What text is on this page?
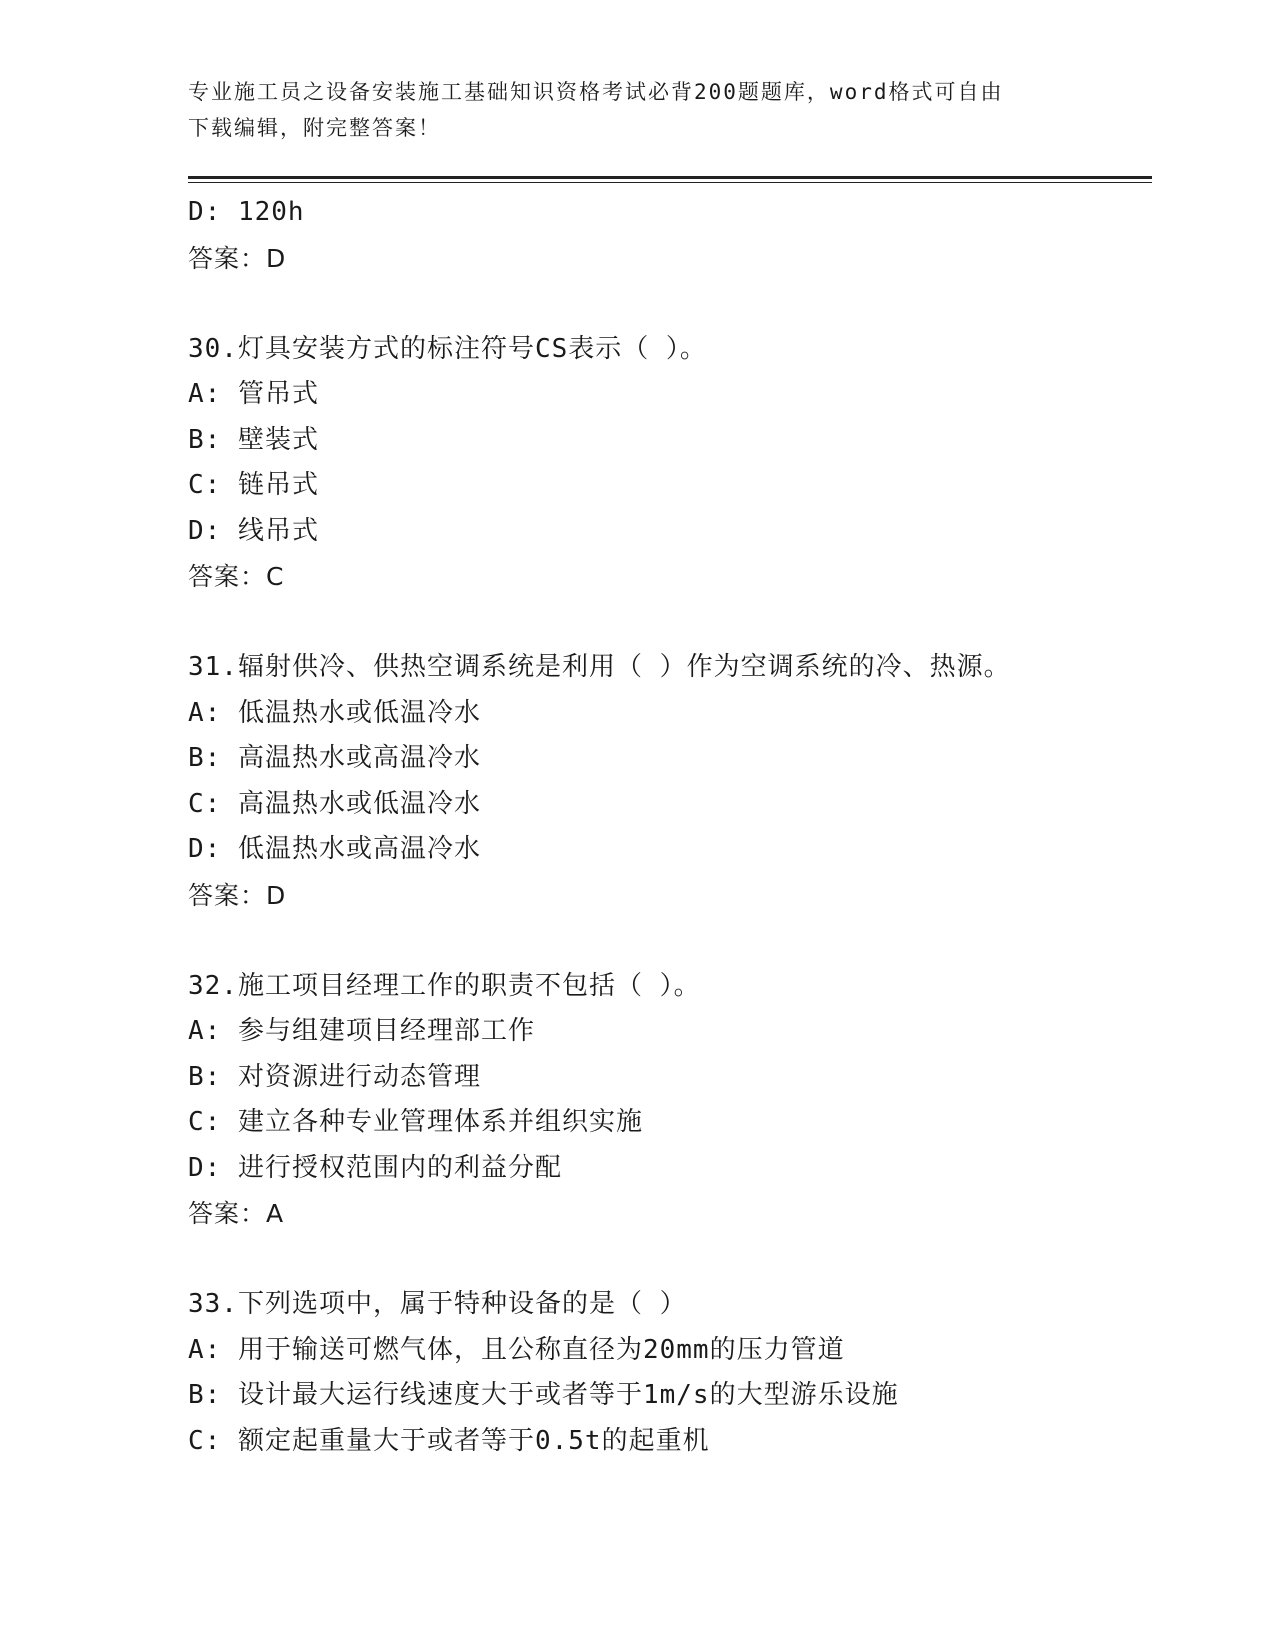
专业施工员之设备安装施工基础知识资格考试必背200题题库，word格式可自由
下载编辑，附完整答案！
D: 120h
答案：D
30.灯具安装方式的标注符号CS表示（ ）。
A: 管吊式
B: 壁装式
C: 链吊式
D: 线吊式
答案：C
31.辐射供冷、供热空调系统是利用（ ）作为空调系统的冷、热源。
A: 低温热水或低温冷水
B: 高温热水或高温冷水
C: 高温热水或低温冷水
D: 低温热水或高温冷水
答案：D
32.施工项目经理工作的职责不包括（ ）。
A: 参与组建项目经理部工作
B: 对资源进行动态管理
C: 建立各种专业管理体系并组织实施
D: 进行授权范围内的利益分配
答案：A
33.下列选项中，属于特种设备的是（ ）
A: 用于输送可燃气体，且公称直径为20mm的压力管道
B: 设计最大运行线速度大于或者等于1m/s的大型游乐设施
C: 额定起重量大于或者等于0.5t的起重机
